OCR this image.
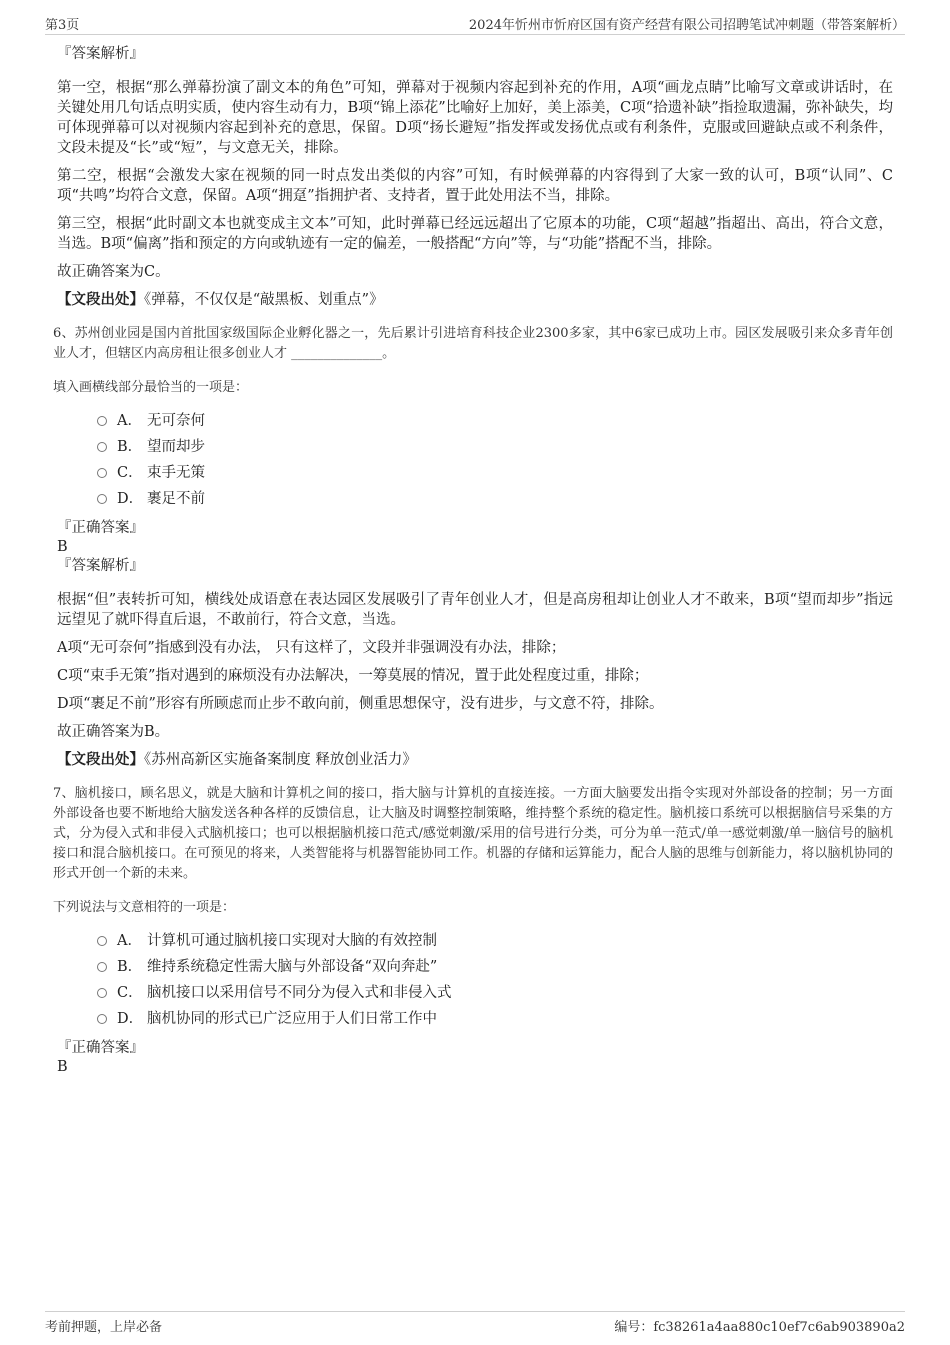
第3页	2024年忻州市忻府区国有资产经营有限公司招聘笔试冲刺题（带答案解析）

『答案解析』

第一空，根据“那么弹幕扮演了副文本的角色”可知，弹幕对于视频内容起到补充的作用，A项“画龙点睛”比喻写文章或讲话时，在关键处用几句话点明实质，使内容生动有力，B项“锦上添花”比喻好上加好，美上添美，C项“拾遗补缺”指捡取遗漏，弥补缺失，均可体现弹幕可以对视频内容起到补充的意思，保留。D项“扬长避短”指发挥或发扬优点或有利条件，克服或回避缺点或不利条件，文段未提及“长”或“短”，与文意无关，排除。

第二空，根据“会激发大家在视频的同一时点发出类似的内容”可知，有时候弹幕的内容得到了大家一致的认可，B项“认同”、C项“共鸣”均符合文意，保留。A项“拥趸”指拥护者、支持者，置于此处用法不当，排除。

第三空，根据“此时副文本也就变成主文本”可知，此时弹幕已经远远超出了它原本的功能，C项“超越”指超出、高出，符合文意，当选。B项“偏离”指和预定的方向或轨迹有一定的偏差，一般搭配“方向”等，与“功能”搭配不当，排除。

故正确答案为C。

【文段出处】《弹幕，不仅仅是“敲黑板、划重点”》

6、苏州创业园是国内首批国家级国际企业孵化器之一，先后累计引进培育科技企业2300多家，其中6家已成功上市。园区发展吸引来众多青年创业人才，但辖区内高房租让很多创业人才 ______________。

填入画横线部分最恰当的一项是：

A． 无可奈何
B． 望而却步
C． 束手无策
D． 裹足不前

『正确答案』

B

『答案解析』

根据“但”表转折可知，横线处成语意在表达园区发展吸引了青年创业人才，但是高房租却让创业人才不敢来，B项“望而却步”指远远望见了就吓得直后退，不敢前行，符合文意，当选。

A项“无可奈何”指感到没有办法， 只有这样了，文段并非强调没有办法，排除；

C项“束手无策”指对遇到的麻烦没有办法解决，一筹莫展的情况，置于此处程度过重，排除；

D项“裹足不前”形容有所顾虑而止步不敢向前，侧重思想保守，没有进步，与文意不符，排除。

故正确答案为B。

【文段出处】《苏州高新区实施备案制度 释放创业活力》

7、脑机接口，顾名思义，就是大脑和计算机之间的接口，指大脑与计算机的直接连接。一方面大脑要发出指令实现对外部设备的控制；另一方面外部设备也要不断地给大脑发送各种各样的反馈信息，让大脑及时调整控制策略，维持整个系统的稳定性。脑机接口系统可以根据脑信号采集的方式，分为侵入式和非侵入式脑机接口；也可以根据脑机接口范式/感觉刺激/采用的信号进行分类，可分为单一范式/单一感觉刺激/单一脑信号的脑机接口和混合脑机接口。在可预见的将来，人类智能将与机器智能协同工作。机器的存储和运算能力，配合人脑的思维与创新能力，将以脑机协同的形式开创一个新的未来。

下列说法与文意相符的一项是：

A． 计算机可通过脑机接口实现对大脑的有效控制
B． 维持系统稳定性需大脑与外部设备“双向奔赴”
C． 脑机接口以采用信号不同分为侵入式和非侵入式
D． 脑机协同的形式已广泛应用于人们日常工作中

『正确答案』

B

考前押题，上岸必备	编号：fc38261a4aa880c10ef7c6ab903890a2
